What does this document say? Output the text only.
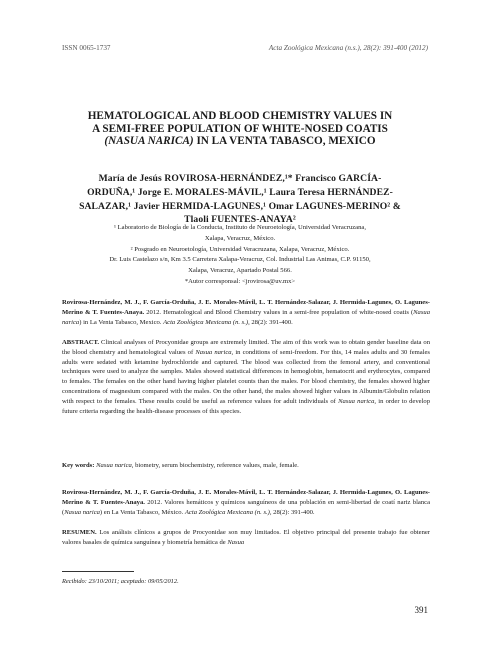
ISSN 0065-1737	Acta Zoológica Mexicana (n.s.), 28(2): 391-400 (2012)
HEMATOLOGICAL AND BLOOD CHEMISTRY VALUES IN
A SEMI-FREE POPULATION OF WHITE-NOSED COATIS
(NASUA NARICA) IN LA VENTA TABASCO, MEXICO
María de Jesús ROVIROSA-HERNÁNDEZ,¹* Francisco GARCÍA-
ORDUÑA,¹ Jorge E. MORALES-MÁVIL,¹ Laura Teresa HERNÁNDEZ-
SALAZAR,¹ Javier HERMIDA-LAGUNES,¹ Omar LAGUNES-MERINO² &
Tlaoli FUENTES-ANAYA²
¹ Laboratorio de Biología de la Conducta, Instituto de Neuroetología, Universidad Veracruzana,
Xalapa, Veracruz, México.
² Posgrado en Neuroetología, Universidad Veracruzana, Xalapa, Veracruz, México.
Dr. Luis Castelazo s/n, Km 3.5 Carretera Xalapa-Veracruz, Col. Industrial Las Animas, C.P. 91150,
Xalapa, Veracruz, Apartado Postal 566.
*Autor corresponsal: <jrovirosa@uv.mx>
Rovirosa-Hernández, M. J., F. García-Orduña, J. E. Morales-Mávil, L. T. Hernández-Salazar, J. Hermida-Lagunes, O. Lagunes-Merino & T. Fuentes-Anaya. 2012. Hematological and Blood Chemistry values in a semi-free population of white-nosed coatis (Nasua narica) in La Venta Tabasco, Mexico. Acta Zoológica Mexicana (n. s.), 28(2): 391-400.
ABSTRACT. Clinical analyses of Procyonidae groups are extremely limited. The aim of this work was to obtain gender baseline data on the blood chemistry and hematological values of Nasua narica, in conditions of semi-freedom. For this, 14 males adults and 30 females adults were sedated with ketamine hydrochloride and captured. The blood was collected from the femoral artery, and conventional techniques were used to analyze the samples. Males showed statistical differences in hemoglobin, hematocrit and erythrocytes, compared to females. The females on the other hand having higher platelet counts than the males. For blood chemistry, the females showed higher concentrations of magnesium compared with the males. On the other hand, the males showed higher values in Albumin/Globulin relation with respect to the females. These results could be useful as reference values for adult individuals of Nasua narica, in order to develop future criteria regarding the health-disease processes of this species.
Key words: Nasua narica, biometry, serum biochemistry, reference values, male, female.
Rovirosa-Hernández, M. J., F. García-Orduña, J. E. Morales-Mávil, L. T. Hernández-Salazar, J. Hermida-Lagunes, O. Lagunes-Merino & T. Fuentes-Anaya. 2012. Valores hemáticos y químicos sanguíneos de una población en semi-libertad de coatí nariz blanca (Nasua narica) en La Venta Tabasco, México. Acta Zoológica Mexicana (n. s.), 28(2): 391-400.
RESUMEN. Los análisis clínicos a grupos de Procyonidae son muy limitados. El objetivo principal del presente trabajo fue obtener valores basales de química sanguínea y biometría hemática de Nasua
Recibido: 23/10/2011; aceptado: 09/05/2012.
391
